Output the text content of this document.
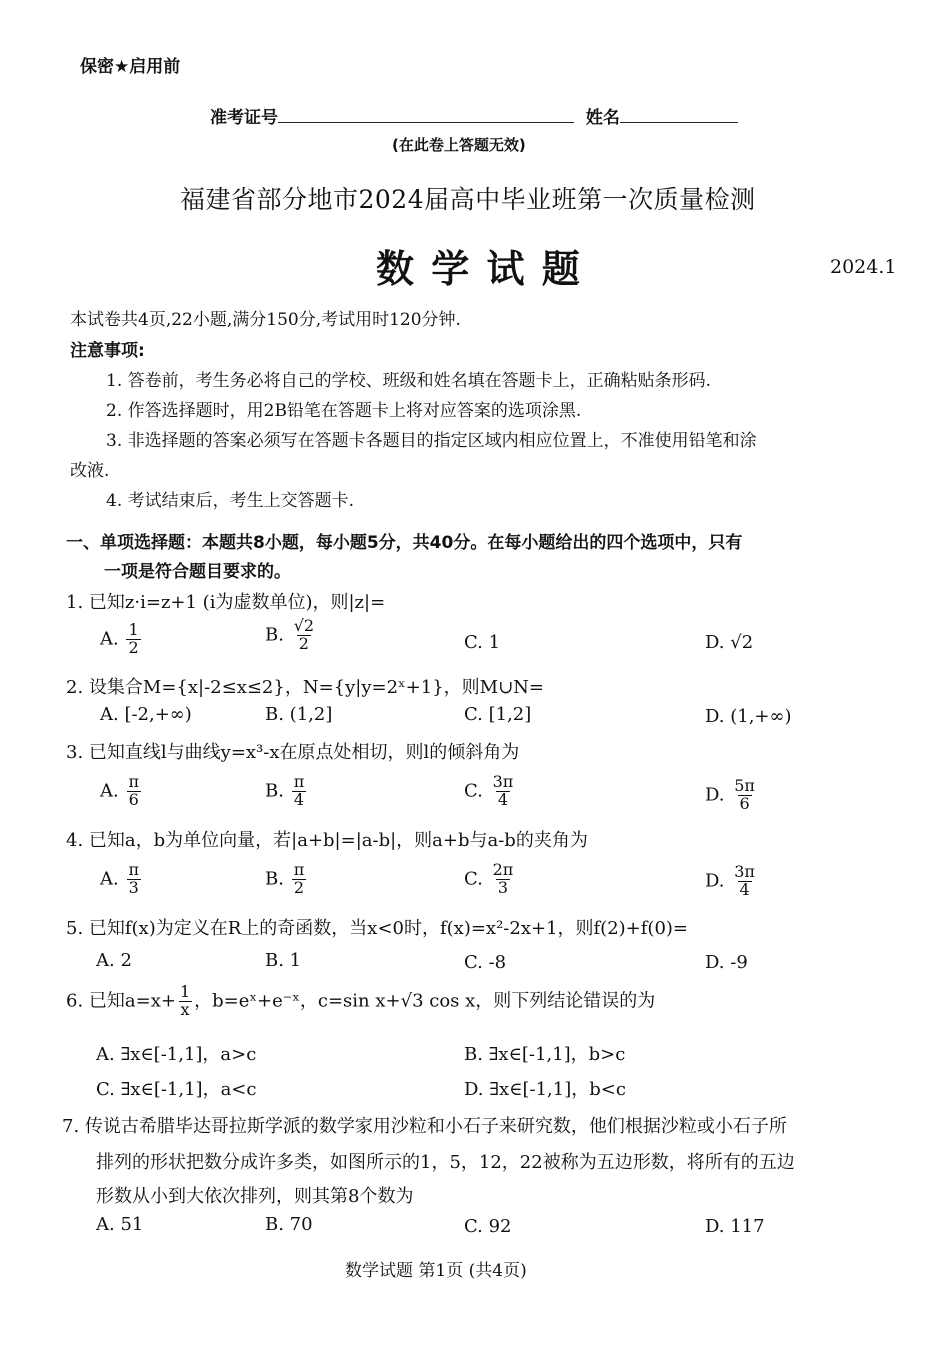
保密★启用前
准考证号	姓名
(在此卷上答题无效)
福建省部分地市2024届高中毕业班第一次质量检测
数 学 试 题	2024.1
本试卷共4页,22小题,满分150分,考试用时120分钟.
注意事项:
1. 答卷前，考生务必将自己的学校、班级和姓名填在答题卡上，正确粘贴条形码.
2. 作答选择题时，用2B铅笔在答题卡上将对应答案的选项涂黑.
3. 非选择题的答案必须写在答题卡各题目的指定区域内相应位置上，不准使用铅笔和涂
改液.
4. 考试结束后，考生上交答题卡.
一、单项选择题：本题共8小题，每小题5分，共40分。在每小题给出的四个选项中，只有
一项是符合题目要求的。
1. 已知z·i=z+1 (i为虚数单位)，则|z|=
A. $\frac{1}{2}$	B. $\frac{√2}{2}$	C. 1	D. √2
2. 设集合M={x|-2≤x≤2}，N={y|y=2ˣ+1}，则M∪N=
A. [-2,+∞)	B. (1,2]	C. [1,2]	D. (1,+∞)
3. 已知直线l与曲线y=x³-x在原点处相切，则l的倾斜角为
A. $\frac{\pi}{6}$	B. $\frac{\pi}{4}$	C. $\frac{3\pi}{4}$	D. $\frac{5\pi}{6}$
4. 已知a，b为单位向量，若|a+b|=|a-b|，则a+b与a-b的夹角为
A. $\frac{\pi}{3}$	B. $\frac{\pi}{2}$	C. $\frac{2\pi}{3}$	D. $\frac{3\pi}{4}$
5. 已知f(x)为定义在R上的奇函数，当x<0时，f(x)=x²-2x+1，则f(2)+f(0)=
A. 2	B. 1	C. -8	D. -9
6. 已知$a=x+ \frac{1}{x}$ ，b=eˣ+e⁻ˣ，c=sin x+√3 cos x，则下列结论错误的为
A. ∃x∈[-1,1]，a>c	B. ∃x∈[-1,1]，b>c
C. ∃x∈[-1,1]，a<c	D. ∃x∈[-1,1]，b<c
7. 传说古希腊毕达哥拉斯学派的数学家用沙粒和小石子来研究数，他们根据沙粒或小石子所
排列的形状把数分成许多类，如图所示的1，5，12，22被称为五边形数，将所有的五边
形数从小到大依次排列，则其第8个数为
A. 51	B. 70	C. 92	D. 117
数学试题 第1页 (共4页)
